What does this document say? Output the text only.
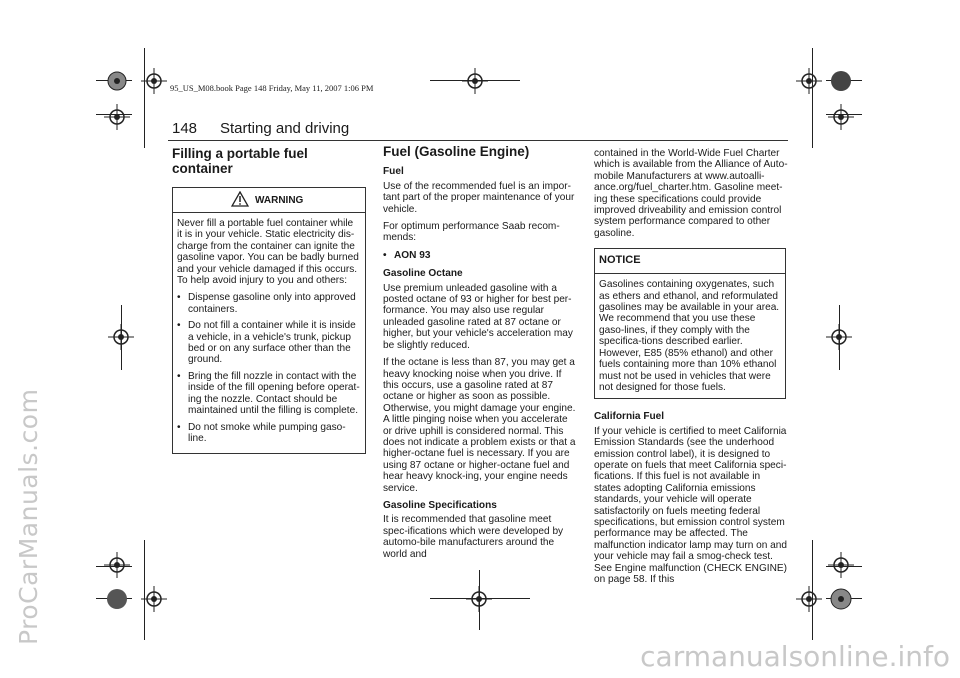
ProCarManuals.com
carmanualsonline.info
95_US_M08.book Page 148 Friday, May 11, 2007 1:06 PM
148 Starting and driving
Filling a portable fuel container
WARNING

Never fill a portable fuel container while it is in your vehicle. Static electricity dis-charge from the container can ignite the gasoline vapor. You can be badly burned and your vehicle damaged if this occurs. To help avoid injury to you and others:

• Dispense gasoline only into approved containers.
• Do not fill a container while it is inside a vehicle, in a vehicle's trunk, pickup bed or on any surface other than the ground.
• Bring the fill nozzle in contact with the inside of the fill opening before operat-ing the nozzle. Contact should be maintained until the filling is complete.
• Do not smoke while pumping gaso-line.
Fuel (Gasoline Engine)

Fuel

Use of the recommended fuel is an impor-tant part of the proper maintenance of your vehicle.

For optimum performance Saab recom-mends:

• AON 93

Gasoline Octane

Use premium unleaded gasoline with a posted octane of 93 or higher for best per-formance. You may also use regular unleaded gasoline rated at 87 octane or higher, but your vehicle's acceleration may be slightly reduced.

If the octane is less than 87, you may get a heavy knocking noise when you drive. If this occurs, use a gasoline rated at 87 octane or higher as soon as possible. Otherwise, you might damage your engine. A little pinging noise when you accelerate or drive uphill is considered normal. This does not indicate a problem exists or that a higher-octane fuel is necessary. If you are using 87 octane or higher-octane fuel and hear heavy knock-ing, your engine needs service.

Gasoline Specifications

It is recommended that gasoline meet spec-ifications which were developed by automo-bile manufacturers around the world and

contained in the World-Wide Fuel Charter which is available from the Alliance of Auto-mobile Manufacturers at www.autoalli-ance.org/fuel_charter.htm. Gasoline meet-ing these specifications could provide improved driveability and emission control system performance compared to other gasoline.

NOTICE
Gasolines containing oxygenates, such as ethers and ethanol, and reformulated gasolines may be available in your area. We recommend that you use these gaso-lines, if they comply with the specifica-tions described earlier. However, E85 (85% ethanol) and other fuels containing more than 10% ethanol must not be used in vehicles that were not designed for those fuels.

California Fuel

If your vehicle is certified to meet California Emission Standards (see the underhood emission control label), it is designed to operate on fuels that meet California speci-fications. If this fuel is not available in states adopting California emissions standards, your vehicle will operate satisfactorily on fuels meeting federal specifications, but emission control system performance may be affected. The malfunction indicator lamp may turn on and your vehicle may fail a smog-check test. See Engine malfunction (CHECK ENGINE) on page 58. If this
